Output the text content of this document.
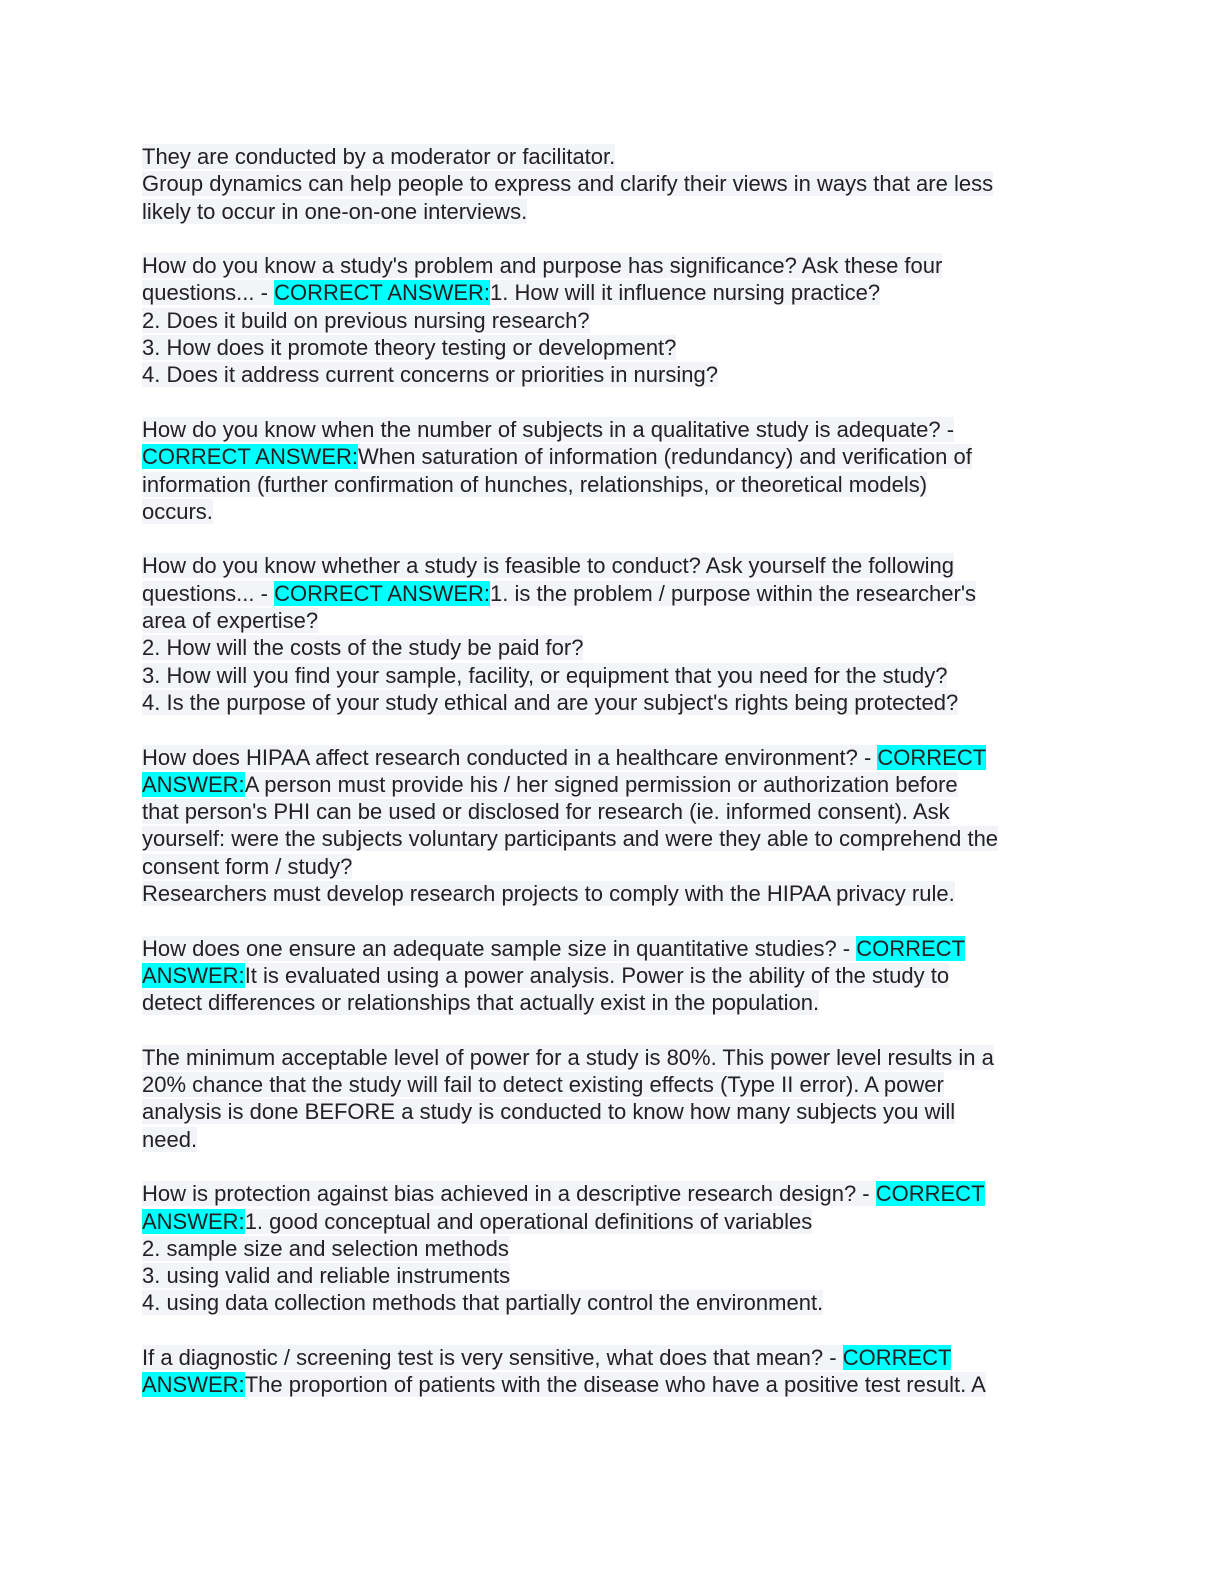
They are conducted by a moderator or facilitator.
Group dynamics can help people to express and clarify their views in ways that are less
likely to occur in one-on-one interviews.
How do you know a study's problem and purpose has significance? Ask these four
questions... - CORRECT ANSWER:1. How will it influence nursing practice?
2. Does it build on previous nursing research?
3. How does it promote theory testing or development?
4. Does it address current concerns or priorities in nursing?
How do you know when the number of subjects in a qualitative study is adequate? -
CORRECT ANSWER:When saturation of information (redundancy) and verification of
information (further confirmation of hunches, relationships, or theoretical models)
occurs.
How do you know whether a study is feasible to conduct? Ask yourself the following
questions... - CORRECT ANSWER:1. is the problem / purpose within the researcher's
area of expertise?
2. How will the costs of the study be paid for?
3. How will you find your sample, facility, or equipment that you need for the study?
4. Is the purpose of your study ethical and are your subject's rights being protected?
How does HIPAA affect research conducted in a healthcare environment? - CORRECT
ANSWER:A person must provide his / her signed permission or authorization before
that person's PHI can be used or disclosed for research (ie. informed consent). Ask
yourself: were the subjects voluntary participants and were they able to comprehend the
consent form / study?
Researchers must develop research projects to comply with the HIPAA privacy rule.
How does one ensure an adequate sample size in quantitative studies? - CORRECT
ANSWER:It is evaluated using a power analysis. Power is the ability of the study to
detect differences or relationships that actually exist in the population.
The minimum acceptable level of power for a study is 80%. This power level results in a
20% chance that the study will fail to detect existing effects (Type II error). A power
analysis is done BEFORE a study is conducted to know how many subjects you will
need.
How is protection against bias achieved in a descriptive research design? - CORRECT
ANSWER:1. good conceptual and operational definitions of variables
2. sample size and selection methods
3. using valid and reliable instruments
4. using data collection methods that partially control the environment.
If a diagnostic / screening test is very sensitive, what does that mean? - CORRECT
ANSWER:The proportion of patients with the disease who have a positive test result. A
